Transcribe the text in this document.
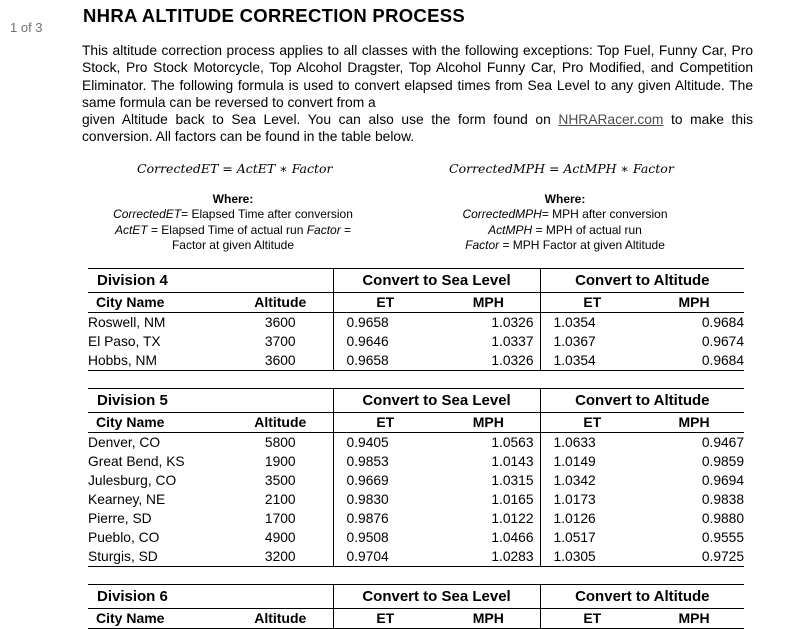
1 of 3
NHRA ALTITUDE CORRECTION PROCESS

This altitude correction process applies to all classes with the following exceptions: Top Fuel, Funny Car, Pro Stock, Pro Stock Motorcycle, Top Alcohol Dragster, Top Alcohol Funny Car, Pro Modified, and Competition Eliminator. The following formula is used to convert elapsed times from Sea Level to any given Altitude. The same formula can be reversed to convert from a

given Altitude back to Sea Level. You can also use the form found on NHRARacer.com to make this conversion. All factors can be found in the table below.

CorrectedET = ActET ∗ Factor	CorrectedMPH = ActMPH ∗ Factor
Where:
CorrectedET= Elapsed Time after conversion
ActET = Elapsed Time of actual run Factor =
Factor at given Altitude
Where:
CorrectedMPH= MPH after conversion
ActMPH = MPH of actual run
Factor = MPH Factor at given Altitude
Division 4		Convert to Sea Level		Convert to Altitude	
City Name	Altitude	ET	MPH	ET	MPH
Roswell, NM	3600	0.9658	1.0326	1.0354	0.9684
El Paso, TX	3700	0.9646	1.0337	1.0367	0.9674
Hobbs, NM	3600	0.9658	1.0326	1.0354	0.9684
Division 5		Convert to Sea Level		Convert to Altitude	
City Name	Altitude	ET	MPH	ET	MPH
Denver, CO	5800	0.9405	1.0563	1.0633	0.9467
Great Bend, KS	1900	0.9853	1.0143	1.0149	0.9859
Julesburg, CO	3500	0.9669	1.0315	1.0342	0.9694
Kearney, NE	2100	0.9830	1.0165	1.0173	0.9838
Pierre, SD	1700	0.9876	1.0122	1.0126	0.9880
Pueblo, CO	4900	0.9508	1.0466	1.0517	0.9555
Sturgis, SD	3200	0.9704	1.0283	1.0305	0.9725
Division 6		Convert to Sea Level		Convert to Altitude	
City Name	Altitude	ET	MPH	ET	MPH
